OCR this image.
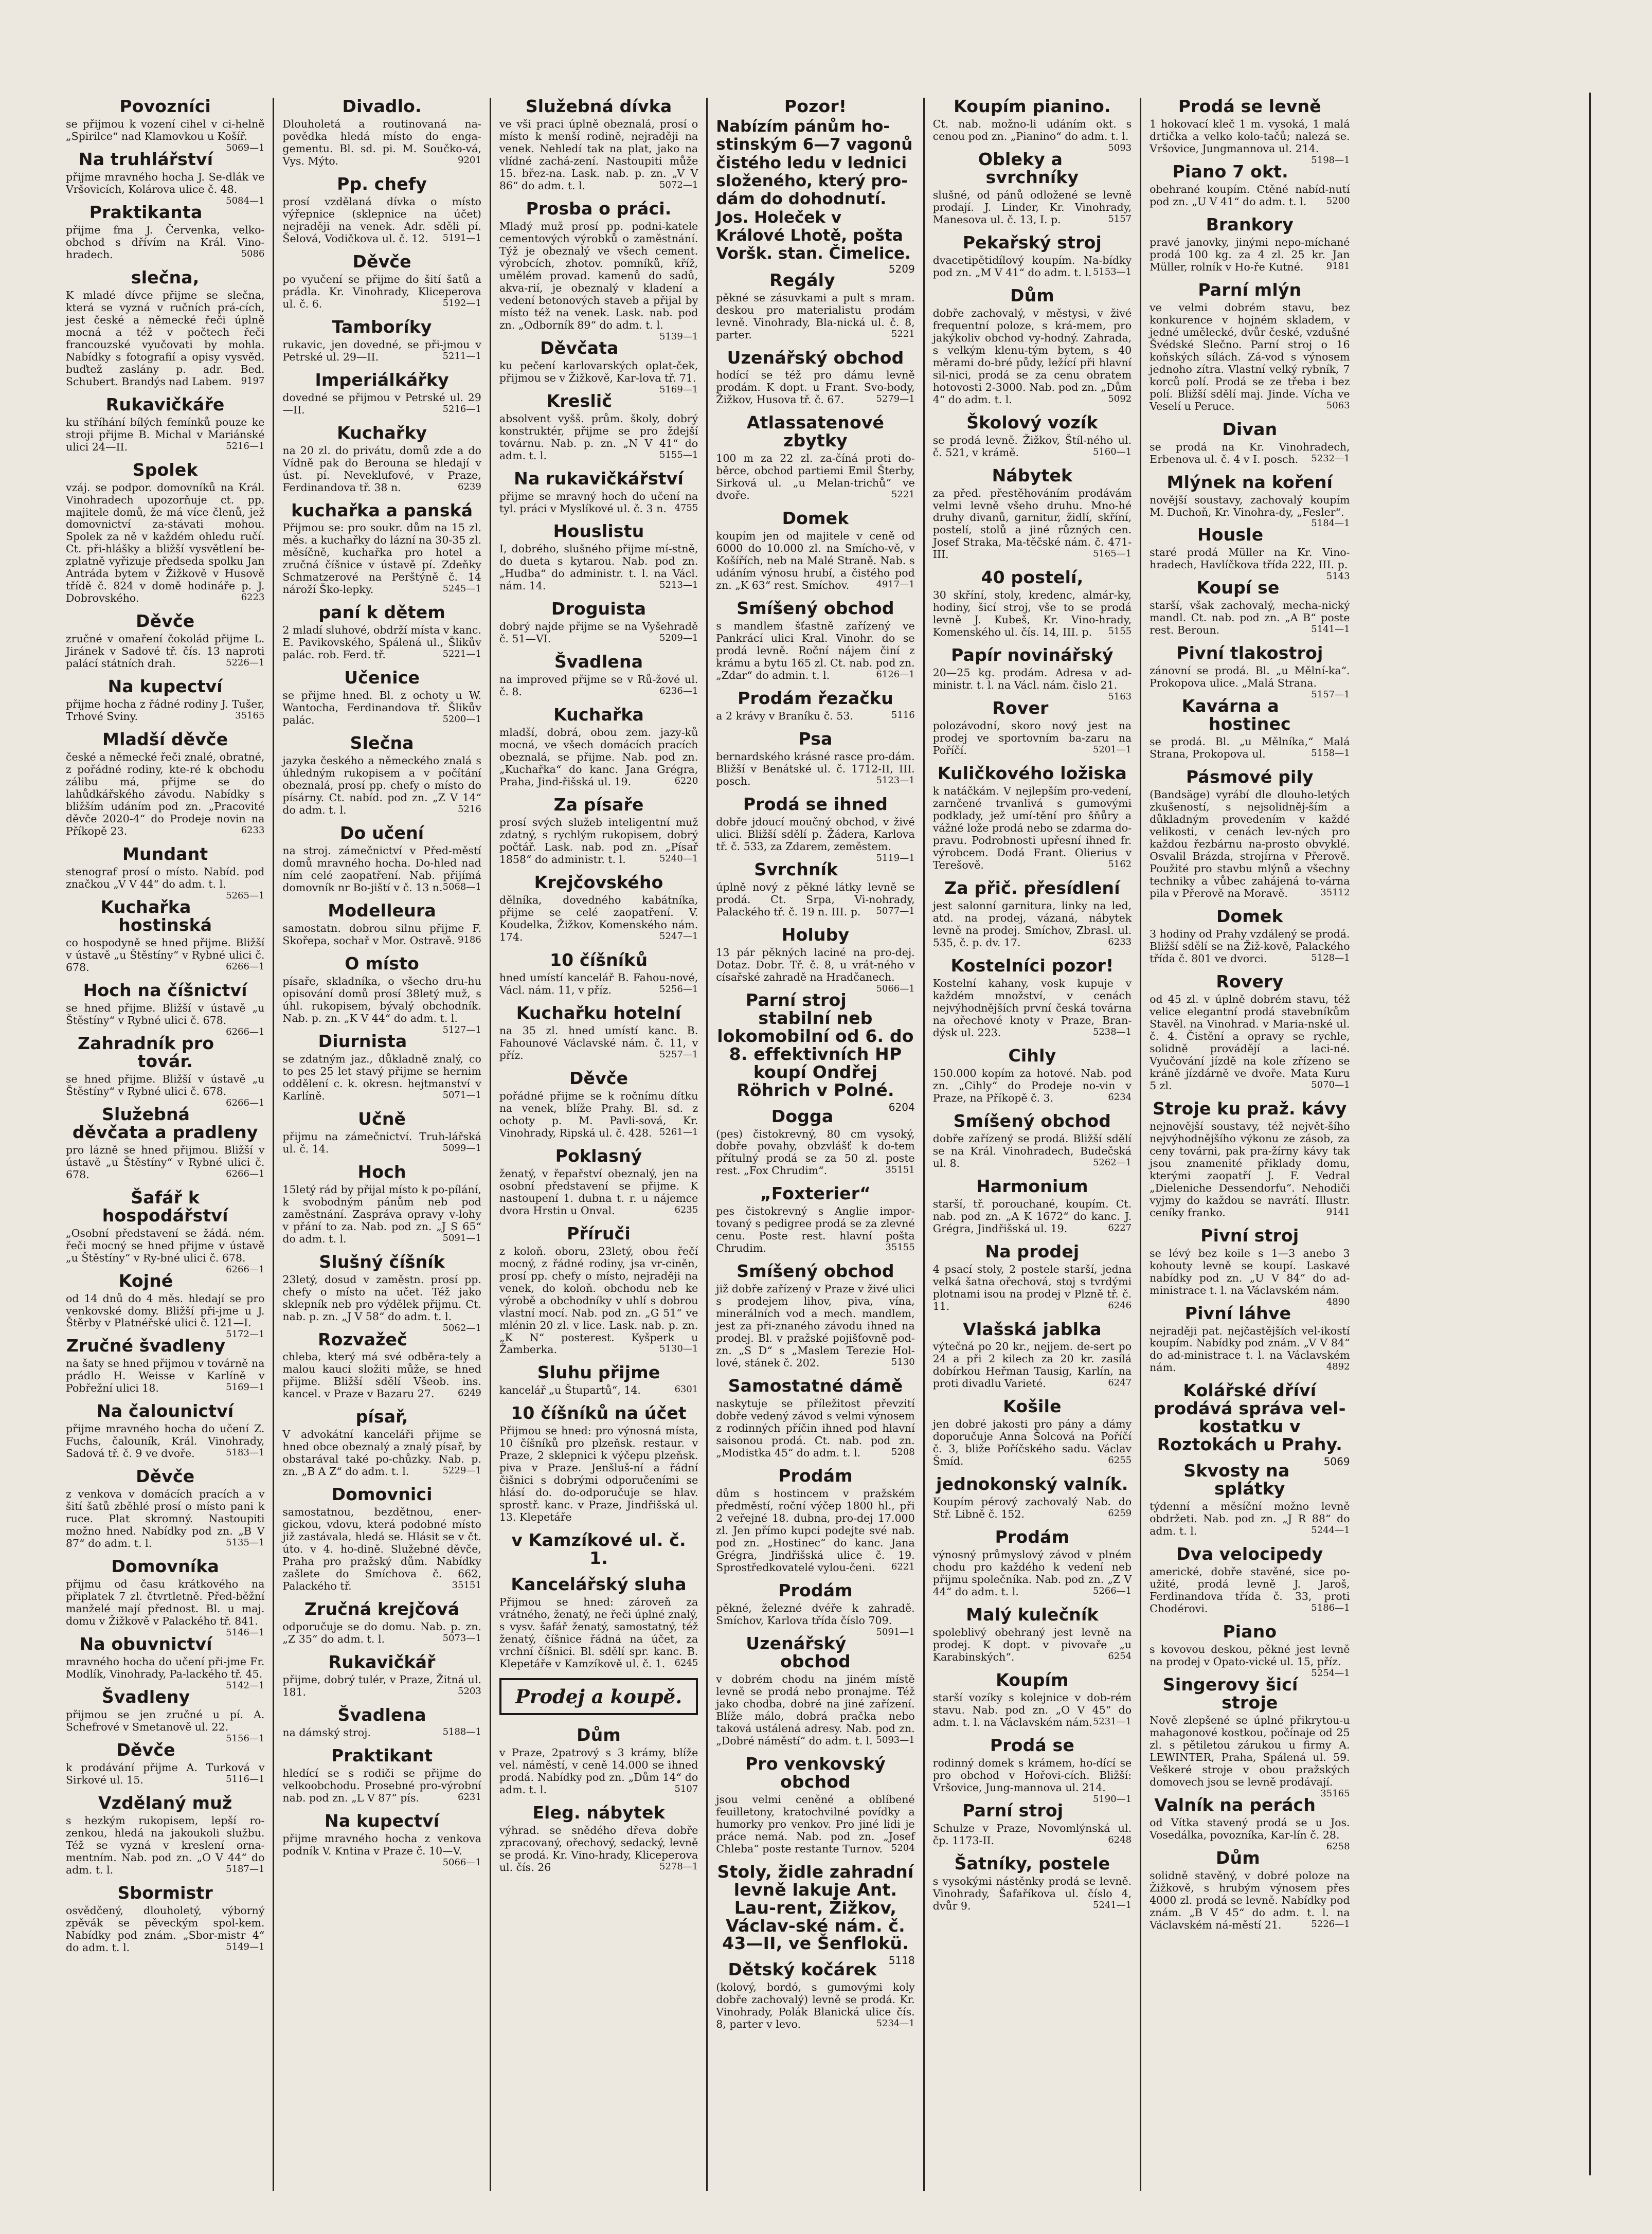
Povozníci

se přijmou k vození cihel v ci-helně „Spirilce“ nad Klamovkou u Košíř.
5069—1

Na truhlářství

přijme mravného hocha J. Se-dlák ve Vršovicích, Kolárova ulice č. 48.
5084—1

Praktikanta

přijme fma J. Červenka, velko-obchod s dřívím na Král. Vino-hradech.	5086

slečna,

K mladé dívce přijme se slečna, která se vyzná v ručních prá-cích, jest české a německé řeči úplně mocná a též v počtech řeči francouzské vyučovati by mohla. Nabídky s fotografií a opisy vysvěd. buďtež zaslány p. adr. Bed. Schubert. Brandýs nad Labem. 9197

Rukavičkáře

ku stříhání bílých femínků pouze ke stroji přijme B. Michal v Mariánské ulici 24—II.	5216—1

Spolek

vzáj. se podpor. domovníků na Král. Vinohradech upozorňuje ct. pp. majitele domů, že má více členů, jež domovnictví za-stávati mohou. Spolek za ně v každém ohledu ručí. Ct. při-hlášky a bližší vysvětlení be-zplatně vyřizuje předseda spolku Jan Antráda bytem v Žižkově v Husově třídě č. 824 v domě hodináře p. J. Dobrovského.	6223

Děvče

zručné v omaření čokolád přijme L. Jiránek v Sadové tř. čís. 13 naproti palácí státních drah.	5226—1

Na kupectví

přijme hocha z řádné rodiny J. Tušer, Trhové Sviny.	35165

Mladší děvče

české a německé řeči znalé, obratné, z pořádné rodiny, kte-ré k obchodu zálibu má, přijme se do lahůdkářského závodu. Nabídky s bližším udáním pod zn. „Pracovité děvče 2020-4“ do Prodeje novin na Příkopě 23.	6233

Mundant

stenograf prosí o místo. Nabíd. pod značkou „V V 44“ do adm. t. l.
5265—1

Kuchařka hostinská

co hospodyně se hned přijme. Bližší v ústavě „u Štěstíny“ v Rybné ulici č. 678.	6266—1

Hoch na číšnictví

se hned přijme. Bližší v ústavě „u Štěstíny“ v Rybné ulici č. 678.
6266—1

Zahradník pro továr.

se hned přijme. Bližší v ústavě „u Štěstíny“ v Rybné ulici č. 678.
6266—1

Služebná děvčata a pradleny

pro lázně se hned přijmou. Bližší v ústavě „u Štěstíny“ v Rybné ulici č. 678.	6266—1

Šafář k hospodářství

„Osobní představení se žádá. ném. řeči mocný se hned přijme v ústavě „u Štěstíny“ v Ry-bné ulici č. 678.
6266—1

Kojné

od 14 dnů do 4 měs. hledají se pro venkovské domy. Bližší při-jme u J. Štěrby v Platnéřské ulici č. 121—I.
5172—1

Zručné švadleny

na šaty se hned přijmou v továrně na prádlo H. Weisse v Karlíně v Pobřežní ulici 18.	5169—1

Na čalounictví

přijme mravného hocha do učení Z. Fuchs, čalouník, Král. Vinohrady, Sadová tř. č. 9 ve dvoře.	5183—1

Děvče

z venkova v domácích pracích a v šití šatů zběhlé prosí o místo pani k ruce. Plat skromný. Nastoupiti možno hned. Nabídky pod zn. „B V 87“ do adm. t. l.	5135—1

Domovníka

přijmu od času krátkového na připlatek 7 zl. čtvrtletně. Před-běžní manželé mají přednost. Bl. u maj. domu v Žižkově v Palackého tř. 841.
5146—1

Na obuvnictví

mravného hocha do učení při-jme Fr. Modlík, Vinohrady, Pa-lackého tř. 45.
5142—1

Švadleny

přijmou se jen zručné u pí. A. Schefrové v Smetanově ul. 22.
5156—1

Děvče

k prodávání přijme A. Turková v Sirkové ul. 15.	5116—1

Vzdělaný muž

s hezkým rukopisem, lepší ro-zenkou, hledá na jakoukoli službu. Též se vyzná v kreslení orna-mentním. Nab. pod zn. „O V 44“ do adm. t. l.	5187—1

Sbormistr

osvědčený, dlouholetý, výborný zpěvák se pěveckým spol-kem. Nabídky pod znám. „Sbor-mistr 4“ do adm. t. l.	5149—1

Divadlo.

Dlouholetá a routinovaná na-povědka hledá místo do enga-gementu. Bl. sd. pi. M. Součko-vá, Vys. Mýto.	9201

Pp. chefy

prosí vzdělaná dívka o místo výřepnice (sklepnice na účet) nejraději na venek. Adr. sděli pí. Šelová, Vodičkova ul. č. 12. 5191—1

Děvče

po vyučení se přijme do šití šatů a prádla. Kr. Vinohrady, Kliceperova ul. č. 6.	5192—1

Tamboríky

rukavic, jen dovedné, se při-jmou v Petrské ul. 29—II.	5211—1

Imperiálkářky

dovedné se přijmou v Petrské ul. 29—II.	5216—1

Kuchařky

na 20 zl. do privátu, domů zde a do Vídně pak do Berouna se hledají v úst. pí. Neveklufové, v Praze, Ferdinandova tř. 38 n.	6239

kuchařka a panská

Přijmou se: pro soukr. dům na 15 zl. měs. a kuchařky do lázní na 30-35 zl. měsíčně, kuchařka pro hotel a zručná číšnice v ústavě pí. Zdeňky Schmatzerové na Perštýně č. 14 nároží Ško-lepky.	5245—1

paní k dětem

2 mladí sluhové, obdrží místa v kanc. E. Pavikovského, Spálená ul., Šlikův palác. rob. Ferd. tř.	5221—1

Učenice

se přijme hned. Bl. z ochoty u W. Wantocha, Ferdinandova tř. Šlikův palác.	5200—1

Slečna

jazyka českého a německého znalá s úhledným rukopisem a v počítání obeznalá, prosí pp. chefy o místo do písárny. Ct. nabíd. pod zn. „Z V 14“ do adm. t. l.	5216

Do učení

na stroj. zámečnictví v Před-městí domů mravného hocha. Do-hled nad ním celé zaopatření. Nab. přijímá domovník nr Bo-jiští v č. 13 n. 5068—1

Modelleura

samostatn. dobrou silnu přijme F. Skořepa, sochař v Mor. Ostravě. 9186

O místo

písaře, skladníka, o všecho dru-hu opisování domů prosí 38letý muž, s úhl. rukopisem, bývalý obchodník. Nab. p. zn. „K V 44“ do adm. t. l.
5127—1

Diurnista

se zdatným jaz., důkladně znalý, co to pes 25 let stavý přijme se hernim oddělení c. k. okresn. hejtmanství v Karlíně.	5071—1

Učně

přijmu na zámečnictví. Truh-lářská ul. č. 14.	5099—1

Hoch

15letý rád by přijal místo k po-pílání, k svobodným pánům neb pod zaměstnání. Zaspráva opravy v-lohy v přání to za. Nab. pod zn. „J S 65“ do adm. t. l.	5091—1

Slušný číšník

23letý, dosud v zaměstn. prosí pp. chefy o místo na učet. Též jako sklepník neb pro výdělek přijmu. Ct. nab. p. zn. „J V 58“ do adm. t. l.
5062—1

Rozvažeč

chleba, který má své odběra-tely a malou kauci složiti může, se hned přijme. Bližší sdělí Všeob. ins. kancel. v Praze v Bazaru 27.	6249

písař,

V advokátní kanceláři přijme se hned obce obeznalý a znalý písař, by obstarával také po-chůzky. Nab. p. zn. „B A Z“ do adm. t. l.	5229—1

Domovnici

samostatnou, bezdětnou, ener-gickou, vdovu, která podobné místo již zastávala, hledá se. Hlásit se v čt. úto. v 4. ho-dině. Služebné děvče, Praha pro pražský dům. Nabídky zašlete do Smíchova č. 662, Palackého tř.	35151

Zručná krejčová

odporučuje se do domu. Nab. p. zn. „Z 35“ do adm. t. l.	5073—1

Rukavičkář

přijme, dobrý tulér, v Praze, Žitná ul. 181.	5203

Švadlena

na dámský stroj.	5188—1

Praktikant

hledící se s rodiči se přijme do velkoobchodu. Prosebné pro-výrobní nab. pod zn. „L V 87“ pís.	6231

Na kupectví

přijme mravného hocha z venkova podník V. Kntina v Praze č. 10—V.
5066—1

Služebná dívka

ve vši praci úplně obeznalá, prosí o místo k menší rodině, nejraději na venek. Nehledí tak na plat, jako na vlídné zachá-zení. Nastoupiti může 15. břez-na. Lask. nab. p. zn. „V V 86“ do adm. t. l.	5072—1

Prosba o práci.

Mladý muž prosí pp. podni-katele cementových výrobků o zaměstnání. Týž je obeznalý ve všech cement. výrobcích, zhotov. pomníků, kříž, umělém provad. kamenů do sadů, akva-rií, je obeznalý v kladení a vedení betonových staveb a přijal by místo též na venek. Lask. nab. pod zn. „Odborník 89“ do adm. t. l.
5139—1

Děvčata

ku pečení karlovarských oplat-ček, přijmou se v Žižkově, Kar-lova tř. 71.
5169—1

Kreslič

absolvent vyšš. prům. školy, dobrý konstruktér, přijme se pro ždejší továrnu. Nab. p. zn. „N V 41“ do adm. t. l.	5155—1

Na rukavičkářství

přijme se mravný hoch do učení na tyl. práci v Myslíkové ul. č. 3 n. 4755

Houslistu

I, dobrého, slušného přijme mí-stně, do dueta s kytarou. Nab. pod zn. „Hudba“ do administr. t. l. na Václ. nám. 14.	5213—1

Droguista

dobrý najde přijme se na Vyšehradě č. 51—VI.	5209—1

Švadlena

na improved přijme se v Rů-žové ul. č. 8.	6236—1

Kuchařka

mladší, dobrá, obou zem. jazy-ků mocná, ve všech domácích pracích obeznalá, se přijme. Nab. pod zn. „Kuchařka“ do kanc. Jana Grégra, Praha, Jind-řišská ul. 19.	6220

Za písaře

prosí svých služeb inteligentní muž zdatný, s rychlým rukopisem, dobrý počtář. Lask. nab. pod zn. „Písař 1858“ do administr. t. l.	5240—1

Krejčovského

dělníka, dovedného kabátníka, přijme se celé zaopatření. V. Koudelka, Žižkov, Komenského nám. 174.	5247—1

10 číšníků

hned umístí kancelář B. Fahou-nové, Václ. nám. 11, v příz.	5256—1

Kuchařku hotelní

na 35 zl. hned umístí kanc. B. Fahounové Václavské nám. č. 11, v příz.	5257—1

Děvče

pořádné přijme se k ročnímu dítku na venek, blíže Prahy. Bl. sd. z ochoty p. M. Pavli-sová, Kr. Vinohrady, Ripská ul. č. 428. 5261—1

Poklasný

ženatý, v řepařství obeznalý, jen na osobní představení se přijme. K nastoupení 1. dubna t. r. u nájemce dvora Hrstin u Onval.	6235

Příruči

z koloň. oboru, 23letý, obou řečí mocný, z řádné rodiny, jsa vr-ciněn, prosí pp. chefy o místo, nejraději na venek, do koloň. obchodu neb ke výrobě a obchodníky v uhlí s dobrou vlastní mocí. Nab. pod zn. „G 51“ ve mlénin 20 zl. v lice. Lask. nab. p. zn. „K N“ posterest. Kyšperk u Žamberka.	5130—1

Sluhu přijme

kancelář „u Štupartů“, 14.	6301

10 číšníků na účet

Přijmou se hned: pro výnosná místa, 10 číšníků pro plzeňsk. restaur. v Praze, 2 sklepnici k výčepu plzeňsk. piva v Praze. Jenšluš-ní a řádní čišnici s dobrými odporučeními se hlásí do. do-odporučuje se hlav. sprostř. kanc. v Praze, Jindřišská ul. 13. Klepetáře

v Kamzíkové ul. č. 1.

Kancelářský sluha

Přijmou se hned: zároveň za vrátného, ženatý, ne řeči úplné znalý, s vysv. šafář ženatý, samostatný, též ženatý, číšnice řádná na účet, za vrchní číšnici. Bl. sdělí spr. kanc. B. Klepetáře v Kamzíkově ul. č. 1. 6245

Prodej a koupě.
Dům

v Praze, 2patrový s 3 krámy, blíže vel. náměstí, v ceně 14.000 se ihned prodá. Nabídky pod zn. „Dům 14“ do adm. t. l.	5107

Eleg. nábytek

výhrad. se snědého dřeva dobře zpracovaný, ořechový, sedacký, levně se prodá. Kr. Vino-hrady, Kliceperova ul. čís. 26	5278—1

Pozor!

Nabízím pánům ho-stinským 6—7 vagonů čistého ledu v lednici složeného, který pro-dám do dohodnutí. Jos. Holeček v Králové Lhotě, pošta Voršk. stan. Čimelice.
5209

Regály

pěkné se zásuvkami a pult s mram. deskou pro materialistu prodám levně. Vinohrady, Bla-nická ul. č. 8, parter.	5221

Uzenářský obchod

hodící se též pro dámu levně prodám. K dopt. u Frant. Svo-body, Žižkov, Husova tř. č. 67.	5279—1

Atlassatenové zbytky

100 m za 22 zl. za-číná proti do-běrce, obchod partiemi Emil Šterby, Sirková ul. „u Melan-trichů“ ve dvoře.	5221

Domek

koupím jen od majitele v ceně od 6000 do 10.000 zl. na Smícho-vě, v Košířích, neb na Malé Straně. Nab. s udáním výnosu hrubí, a čistého pod zn. „K 63“ rest. Smíchov.	4917—1

Smíšený obchod

s mandlem šťastně zařízený ve Pankrácí ulici Kral. Vinohr. do se prodá levně. Roční nájem činí z krámu a bytu 165 zl. Ct. nab. pod zn. „Zdar“ do admin. t. l.	6126—1

Prodám řezačku

a 2 krávy v Braníku č. 53.	5116

Psa

bernardského krásné rasce pro-dám. Bližší v Benátské ul. č. 1712-II, III. posch.	5123—1

Prodá se ihned

dobře jdoucí moučný obchod, v živé ulici. Bližší sdělí p. Žádera, Karlova tř. č. 533, za Zdarem, zeměstem.
5119—1

Svrchník

úplně nový z pěkné látky levně se prodá. Ct. Srpa, Vi-nohrady, Palackého tř. č. 19 n. III. p. 5077—1

Holuby

13 pár pěkných laciné na pro-dej. Dotaz. Dobr. Tř. č. 8, u vrát-ného v císařské zahradě na Hradčanech.
5066—1

Parní stroj stabilní neb lokomobilní od 6. do 8. effektivních HP koupí Ondřej Röhrich v Polné.

6204

Dogga

(pes) čistokrevný, 80 cm vysoký, dobře povahy, obzvlášť k do-tem přítulný prodá se za 50 zl. poste rest. „Fox Chrudim“.	35151

„Foxterier“

pes čistokrevný s Anglie impor-tovaný s pedigree prodá se za zlevné cenu. Poste rest. hlavní pošta Chrudim.	35155

Smíšený obchod

již dobře zařízený v Praze v živé ulici s prodejem lihov, piva, vína, minerálních vod a mech. mandlem, jest za při-znaného závodu ihned na prodej. Bl. v pražské pojišťovně pod-zn. „S D“ s „Maslem Terezie Hol-lové, stánek č. 202.	5130

Samostatné dámě

naskytuje se příležitost převzití dobře vedený závod s velmi výnosem z rodinných příčin ihned pod hlavní saisonou prodá. Ct. nab. pod zn. „Modistka 45“ do adm. t. l.	5208

Prodám

dům s hostincem v pražském předměstí, roční výčep 1800 hl., při 2 veřejné 18. dubna, pro-dej 17.000 zl. Jen přímo kupci podejte své nab. pod zn. „Hostinec“ do kanc. Jana Grégra, Jindřišská ulice č. 19. Sprostředkovatelé vylou-čeni. 6221

Prodám

pěkné, železné dvéře k zahradě. Smíchov, Karlova třída číslo 709.
5091—1

Uzenářský obchod

v dobrém chodu na jiném místě levně se prodá nebo pronajme. Též jako chodba, dobré na jiné zařízení. Blíže málo, dobrá pračka nebo taková ustálená adresy. Nab. pod zn. „Dobré náměstí“ do adm. t. l. 5093—1

Pro venkovský obchod

jsou velmi ceněné a oblíbené feuilletony, kratochvilné povídky a humorky pro venkov. Pro jiné lidi je práce nemá. Nab. pod zn. „Josef Chleba“ poste restante Turnov. 5204

Stoly, židle zahradní levně lakuje Ant. Lau-rent, Žižkov, Václav-ské nám. č. 43—II, ve Šenflokü.

5118

Dětský kočárek

(kolový, bordó, s gumovými koly dobře zachovalý) levně se prodá. Kr. Vinohrady, Polák Blanická ulice čís. 8, parter v levo.	5234—1

Koupím pianino.

Ct. nab. možno-li udáním okt. s cenou pod zn. „Pianino“ do adm. t. l.
5093

Obleky a svrchníky

slušné, od pánů odložené se levně prodají. J. Linder, Kr. Vinohrady, Manesova ul. č. 13, I. p.	5157

Pekařský stroj

dvacetipětidílový koupím. Na-bídky pod zn. „M V 41“ do adm. t. l. 5153—1

Dům

dobře zachovalý, v městysi, v živé frequentní poloze, s krá-mem, pro jakýkoliv obchod vy-hodný. Zahrada, s velkým klenu-tým bytem, s 40 měrami do-bré půdy, ležící při hlavní sil-nici, prodá se za cenu obratem hotovosti 2-3000. Nab. pod zn. „Dům 4“ do adm. t. l.	5092

Školový vozík

se prodá levně. Žižkov, Štíl-ného ul. č. 521, v krámě.	5160—1

Nábytek

za před. přestěhováním prodávám velmi levně všeho druhu. Mno-hé druhy divanů, garnitur, židlí, skříní, postelí, stolů a jiné různých cen. Josef Straka, Ma-těčské nám. č. 471-III.	5165—1

40 postelí,

30 skříní, stoly, kredenc, almár-ky, hodiny, šicí stroj, vše to se prodá levně J. Kubeš, Kr. Vino-hrady, Komenského ul. čís. 14, III. p. 5155

Papír novinářský

20—25 kg. prodám. Adresa v ad-ministr. t. l. na Václ. nám. čislo 21.
5163

Rover

polozávodní, skoro nový jest na prodej ve sportovním ba-zaru na Poříčí.	5201—1

Kuličkového ložiska

k natáčkám. V nejlepším pro-vedení, zarnčené trvanlivá s gumovými podklady, jež umí-tění pro šňůry a vážné lože prodá nebo se zdarma do-pravu. Podrobnosti upřesní ihned fr. výrobcem. Dodá Frant. Olierius v Terešově.	5162

Za přič. přesídlení

jest salonní garnitura, linky na led, atd. na prodej, vázaná, nábytek levně na prodej. Smíchov, Zbrasl. ul. 535, č. p. dv. 17.	6233

Kostelníci pozor!

Kostelní kahany, vosk kupuje v každém množství, v cenách nejvýhodnějších první česká továrna na ořechové knoty v Praze, Bran-dýsk ul. 223.	5238—1

Cihly

150.000 kopím za hotové. Nab. pod zn. „Cihly“ do Prodeje no-vin v Praze, na Příkopě č. 3.	6234

Smíšený obchod

dobře zařízený se prodá. Bližší sdělí se na Král. Vinohradech, Budečská ul. 8.	5262—1

Harmonium

starší, tř. porouchané, koupím. Ct. nab. pod zn. „A K 1672“ do kanc. J. Grégra, Jindřišská ul. 19.	6227

Na prodej

4 psací stoly, 2 postele starší, jedna velká šatna ořechová, stoj s tvrdými plotnami isou na prodej v Plzně tř. č. 11.	6246

Vlašská jablka

výtečná po 20 kr., nejjem. de-sert po 24 a při 2 kilech za 20 kr. zasílá dobírkou Heřman Tausig, Karlín, na proti divadlu Varieté.	6247

Košile

jen dobré jakosti pro pány a dámy doporučuje Anna Šolcová na Poříčí č. 3, bliže Poříčského sadu. Václav Šmíd.	6255

jednokonský valník.

Koupím pérový zachovalý Nab. do Stř. Libně č. 152.	6259

Prodám

výnosný průmyslový závod v plném chodu pro každého k vedení neb přijmu společníka. Nab. pod zn. „Z V 44“ do adm. t. l.	5266—1

Malý kulečník

spoleblivý obehraný jest levně na prodej. K dopt. v pivovaře „u Karabinských“.	6254

Koupím

starší vozíky s kolejnice v dob-rém stavu. Nab. pod zn. „O V 45“ do adm. t. l. na Václavském nám. 5231—1

Prodá se

rodinný domek s krámem, ho-dící se pro obchod v Hořovi-cích. Bližší: Vršovice, Jung-mannova ul. 214.
5190—1

Parní stroj

Schulze v Praze, Novomlýnská ul. čp. 1173-II.	6248

Šatníky, postele

s vysokými nástěnky prodá se levně. Vinohrady, Šafaříkova ul. číslo 4, dvůr 9.	5241—1

Prodá se levně

1 hokovací kleč 1 m. vysoká, 1 malá drtička a velko kolo-tačů; nalezá se. Vršovice, Jungmannova ul. 214.
5198—1

Piano 7 okt.

obehrané koupím. Ctěné nabíd-nutí pod zn. „U V 41“ do adm. t. l. 5200

Brankory

pravé janovky, jinými nepo-míchané prodá 100 kg. za 4 zl. 25 kr. Jan Müller, rolník v Ho-ře Kutné. 9181

Parní mlýn

ve velmi dobrém stavu, bez konkurence v hojném skladem, v jedné umělecké, dvůr české, vzdušné Švédské Slečno. Parní stroj o 16 koňských sílách. Zá-vod s výnosem jednoho zítra. Vlastní velký rybník, 7 korců polí. Prodá se ze třeba i bez polí. Bližší sdělí maj. Jinde. Vícha ve Veselí u Peruce.	5063

Divan

se prodá na Kr. Vinohradech, Erbenova ul. č. 4 v I. posch. 5232—1

Mlýnek na koření

novější soustavy, zachovalý koupím M. Duchoň, Kr. Vinohra-dy, „Fesler“.
5184—1

Housle

staré prodá Müller na Kr. Vino-hradech, Havlíčkova třída 222, III. p.
5143

Koupí se

starší, však zachovalý, mecha-nický mandl. Ct. nab. pod zn. „A B“ poste rest. Beroun.	5141—1

Pivní tlakostroj

zánovní se prodá. Bl. „u Mělní-ka“. Prokopova ulice. „Malá Strana.
5157—1

Kavárna a hostinec

se prodá. Bl. „u Mělníka,“ Malá Strana, Prokopova ul.	5158—1

Pásmové pily

(Bandsäge) vyrábí dle dlouho-letých zkušeností, s nejsolidněj-ším a důkladným provedením v každé velikosti, v cenách lev-ných pro každou řezbárnu na-prosto obvyklé. Osvalil Brázda, strojírna v Přerově. Použité pro stavbu mlýnů a všechny techniky a vůbec zahájená to-várna pila v Přerově na Moravě.	35112

Domek

3 hodiny od Prahy vzdálený se prodá. Bližší sdělí se na Žiž-kově, Palackého třída č. 801 ve dvorci.	5128—1

Rovery

od 45 zl. v úplně dobrém stavu, též velice elegantní prodá stavebníkům Stavěl. na Vinohrad. v Maria-nské ul. č. 4. Čistění a opravy se rychle, solidně provádějí a laci-né. Vyučování jízdě na kole zřízeno se kráně jízdárně ve dvoře. Mata Kuru 5 zl.	5070—1

Stroje ku praž. kávy

nejnovější soustavy, též největ-šího nejvýhodnějšího výkonu ze zásob, za ceny továrni, pak pra-žírny kávy tak jsou znamenité přiklady domu, kterými zaopatří J. F. Vedral „Dieleniche Dessendorfu“. Nehodiči vyjmy do každou se navrátí. Illustr. ceníky franko.	9141

Pivní stroj

se lévý bez koile s 1—3 anebo 3 kohouty levně se koupí. Laskavé nabídky pod zn. „U V 84“ do ad-ministrace t. l. na Václavském nám.
4890

Pivní láhve

nejraději pat. nejčastějších vel-ikostí koupím. Nabídky pod znám. „V V 84“ do ad-ministrace t. l. na Václavském nám.	4892

Kolářské dříví prodává správa vel-kostatku v Roztokách u Prahy.

5069

Skvosty na splátky

týdenní a měsíční možno levně obdržeti. Nab. pod zn. „J R 88“ do adm. t. l.	5244—1

Dva velocipedy

americké, dobře stavěné, sice po-užité, prodá levně J. Jaroš, Ferdinandova třída č. 33, proti Chodérovi.	5186—1

Piano

s kovovou deskou, pěkné jest levně na prodej v Opato-vické ul. 15, příz.
5254—1

Singerovy šicí stroje

Nově zlepšené se úplné přikrytou-u mahagonové kostkou, počínaje od 25 zl. s pětiletou zárukou u firmy A. LEWINTER, Praha, Spálená ul. 59. Veškeré stroje v obou pražských domovech jsou se levně prodávají.
35165

Valník na perách

od Vítka stavený prodá se u Jos. Vosedálka, povozníka, Kar-lín č. 28.
6258

Dům

solidně stavěný, v dobré poloze na Žižkově, s hrubým výnosem přes 4000 zl. prodá se levně. Nabídky pod znám. „B V 45“ do adm. t. l. na Václavském ná-městí 21.	5226—1
